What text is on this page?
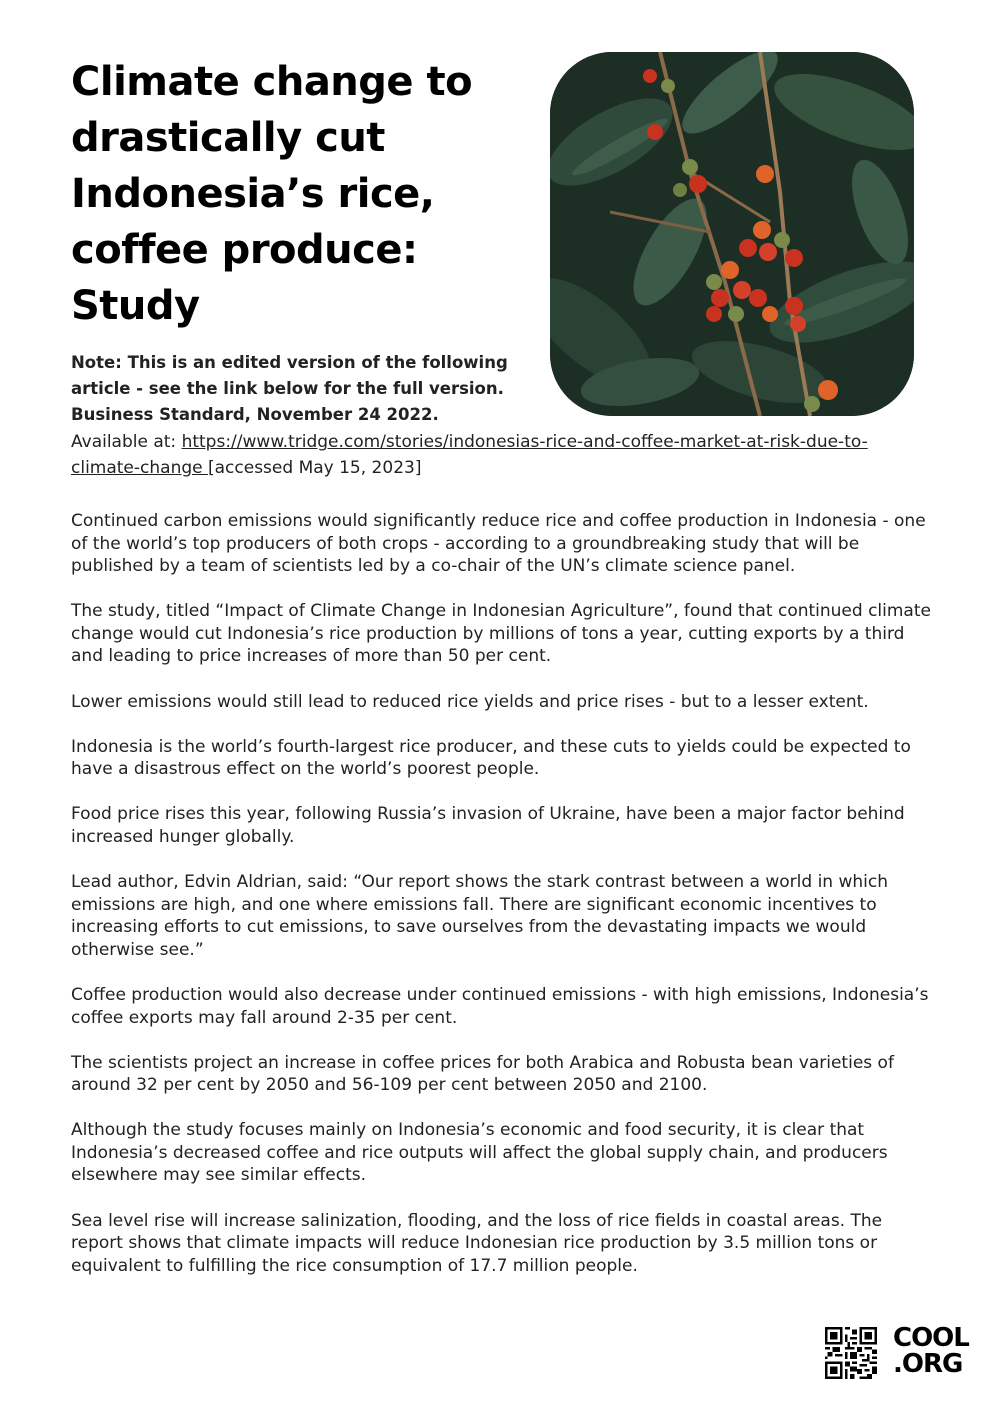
Climate change to drastically cut Indonesia’s rice, coffee produce: Study

Note: This is an edited version of the following article - see the link below for the full version. Business Standard, November 24 2022.

Available at: https://www.tridge.com/stories/indonesias-rice-and-coffee-market-at-risk-due-to-climate-change [accessed May 15, 2023]

Continued carbon emissions would significantly reduce rice and coffee production in Indonesia - one of the world’s top producers of both crops - according to a groundbreaking study that will be published by a team of scientists led by a co-chair of the UN’s climate science panel.

The study, titled “Impact of Climate Change in Indonesian Agriculture”, found that continued climate change would cut Indonesia’s rice production by millions of tons a year, cutting exports by a third and leading to price increases of more than 50 per cent.

Lower emissions would still lead to reduced rice yields and price rises - but to a lesser extent.

Indonesia is the world’s fourth-largest rice producer, and these cuts to yields could be expected to have a disastrous effect on the world’s poorest people.

Food price rises this year, following Russia’s invasion of Ukraine, have been a major factor behind increased hunger globally.

Lead author, Edvin Aldrian, said: “Our report shows the stark contrast between a world in which emissions are high, and one where emissions fall. There are significant economic incentives to increasing efforts to cut emissions, to save ourselves from the devastating impacts we would otherwise see.”

Coffee production would also decrease under continued emissions - with high emissions, Indonesia’s coffee exports may fall around 2-35 per cent.

The scientists project an increase in coffee prices for both Arabica and Robusta bean varieties of around 32 per cent by 2050 and 56-109 per cent between 2050 and 2100.

Although the study focuses mainly on Indonesia’s economic and food security, it is clear that Indonesia’s decreased coffee and rice outputs will affect the global supply chain, and producers elsewhere may see similar effects.

Sea level rise will increase salinization, flooding, and the loss of rice fields in coastal areas. The report shows that climate impacts will reduce Indonesian rice production by 3.5 million tons or equivalent to fulfilling the rice consumption of 17.7 million people.

COOL
.ORG
